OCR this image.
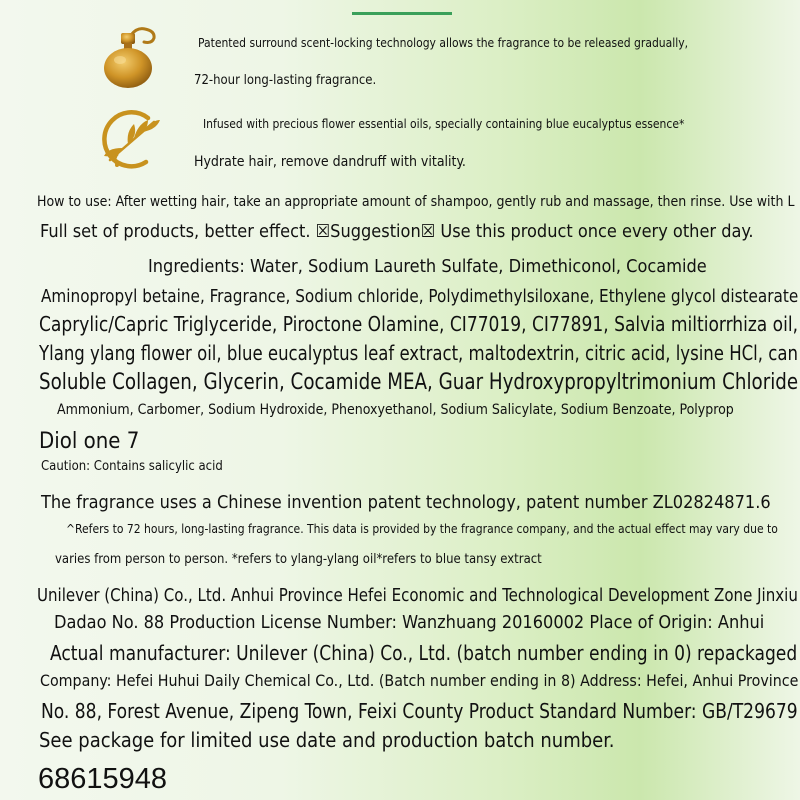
Patented surround scent-locking technology allows the fragrance to be released gradually,
72-hour long-lasting fragrance.
Infused with precious flower essential oils, specially containing blue eucalyptus essence*
Hydrate hair, remove dandruff with vitality.
How to use: After wetting hair, take an appropriate amount of shampoo, gently rub and massage, then rinse. Use with L
Full set of products, better effect. ☒Suggestion☒ Use this product once every other day.
Ingredients: Water, Sodium Laureth Sulfate, Dimethiconol, Cocamide
Aminopropyl betaine, Fragrance, Sodium chloride, Polydimethylsiloxane, Ethylene glycol distearate
Caprylic/Capric Triglyceride, Piroctone Olamine, CI77019, CI77891, Salvia miltiorrhiza oil,
Ylang ylang flower oil, blue eucalyptus leaf extract, maltodextrin, citric acid, lysine HCl, can
Soluble Collagen, Glycerin, Cocamide MEA, Guar Hydroxypropyltrimonium Chloride
Ammonium, Carbomer, Sodium Hydroxide, Phenoxyethanol, Sodium Salicylate, Sodium Benzoate, Polyprop
Diol one 7
Caution: Contains salicylic acid
The fragrance uses a Chinese invention patent technology, patent number ZL02824871.6
^Refers to 72 hours, long-lasting fragrance. This data is provided by the fragrance company, and the actual effect may vary due to
varies from person to person. *refers to ylang-ylang oil*refers to blue tansy extract
Unilever (China) Co., Ltd. Anhui Province Hefei Economic and Technological Development Zone Jinxiu
Dadao No. 88 Production License Number: Wanzhuang 20160002 Place of Origin: Anhui
Actual manufacturer: Unilever (China) Co., Ltd. (batch number ending in 0) repackaged
Company: Hefei Huhui Daily Chemical Co., Ltd. (Batch number ending in 8) Address: Hefei, Anhui Province
No. 88, Forest Avenue, Zipeng Town, Feixi County Product Standard Number: GB/T29679
See package for limited use date and production batch number.
68615948
